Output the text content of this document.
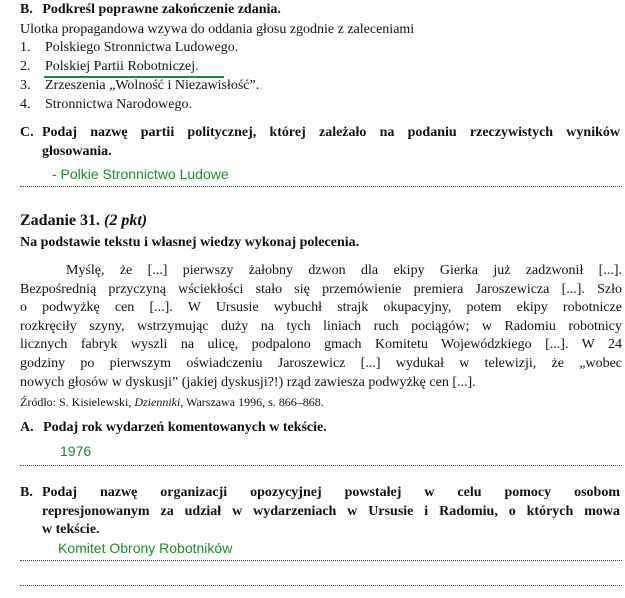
B. Podkreśl poprawne zakończenie zdania.
Ulotka propagandowa wzywa do oddania głosu zgodnie z zaleceniami
1. Polskiego Stronnictwa Ludowego.
2. Polskiej Partii Robotniczej.
3. Zrzeszenia „Wolność i Niezawisłość”.
4. Stronnictwa Narodowego.
C. Podaj nazwę partii politycznej, której zależało na podaniu rzeczywistych wyników
głosowania.
- Polkie Stronnictwo Ludowe
Zadanie 31. (2 pkt)
Na podstawie tekstu i własnej wiedzy wykonaj polecenia.
Myślę, że [...] pierwszy żałobny dzwon dla ekipy Gierka już zadzwonił [...].
Bezpośrednią przyczyną wściekłości stało się przemówienie premiera Jaroszewicza [...]. Szło
o podwyżkę cen [...]. W Ursusie wybuchł strajk okupacyjny, potem ekipy robotnicze
rozkręciły szyny, wstrzymując duży na tych liniach ruch pociągów; w Radomiu robotnicy
licznych fabryk wyszli na ulicę, podpalono gmach Komitetu Wojewódzkiego [...]. W 24
godziny po pierwszym oświadczeniu Jaroszewicz [...] wydukał w telewizji, że „wobec
nowych głosów w dyskusji” (jakiej dyskusji?!) rząd zawiesza podwyżkę cen [...].
Źródło: S. Kisielewski, Dzienniki, Warszawa 1996, s. 866–868.
A. Podaj rok wydarzeń komentowanych w tekście.
1976
B. Podaj nazwę organizacji opozycyjnej powstałej w celu pomocy osobom
represjonowanym za udział w wydarzeniach w Ursusie i Radomiu, o których mowa
w tekście.
Komitet Obrony Robotników
